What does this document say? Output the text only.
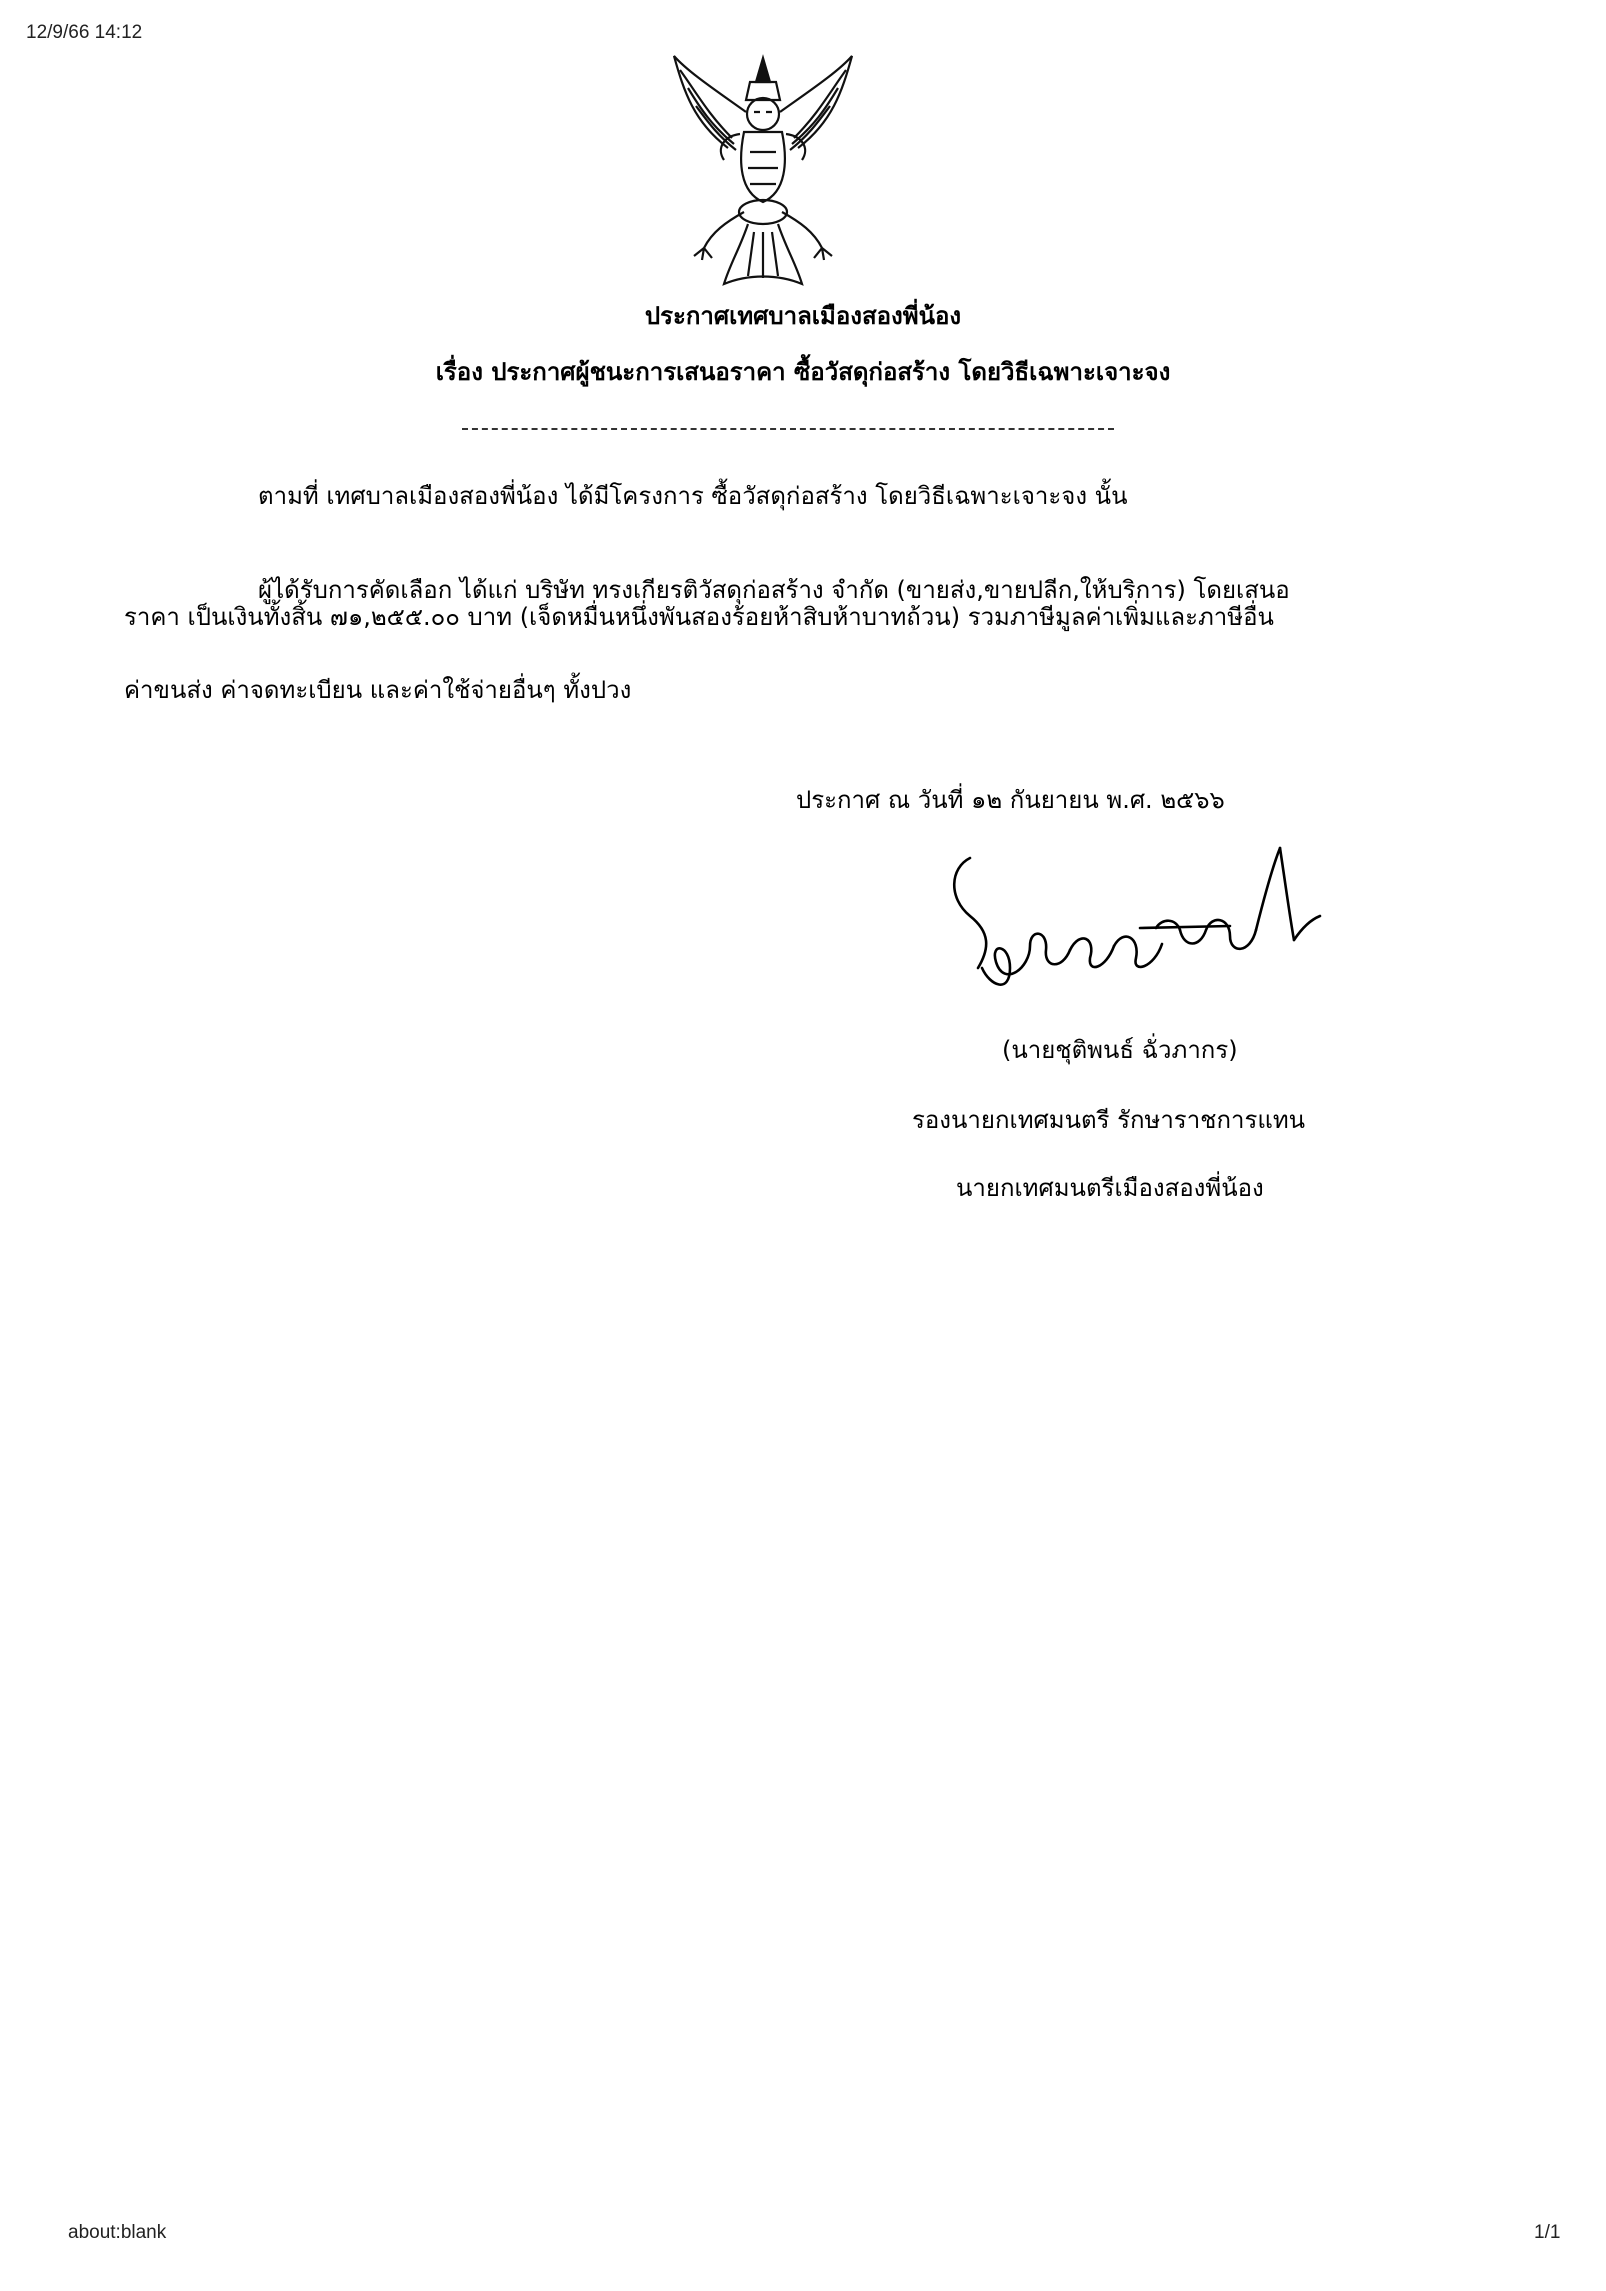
12/9/66 14:12
ประกาศเทศบาลเมืองสองพี่น้อง
เรื่อง ประกาศผู้ชนะการเสนอราคา ซื้อวัสดุก่อสร้าง โดยวิธีเฉพาะเจาะจง
ตามที่ เทศบาลเมืองสองพี่น้อง ได้มีโครงการ ซื้อวัสดุก่อสร้าง โดยวิธีเฉพาะเจาะจง นั้น
ผู้ได้รับการคัดเลือก ได้แก่ บริษัท ทรงเกียรติวัสดุก่อสร้าง จำกัด (ขายส่ง,ขายปลีก,ให้บริการ) โดยเสนอ
ราคา เป็นเงินทั้งสิ้น ๗๑,๒๕๕.๐๐ บาท (เจ็ดหมื่นหนึ่งพันสองร้อยห้าสิบห้าบาทถ้วน) รวมภาษีมูลค่าเพิ่มและภาษีอื่น
ค่าขนส่ง ค่าจดทะเบียน และค่าใช้จ่ายอื่นๆ ทั้งปวง
ประกาศ ณ วันที่ ๑๒ กันยายน พ.ศ. ๒๕๖๖
(นายชุติพนธ์ ฉั่วภากร)
รองนายกเทศมนตรี รักษาราชการแทน
นายกเทศมนตรีเมืองสองพี่น้อง
about:blank	1/1
